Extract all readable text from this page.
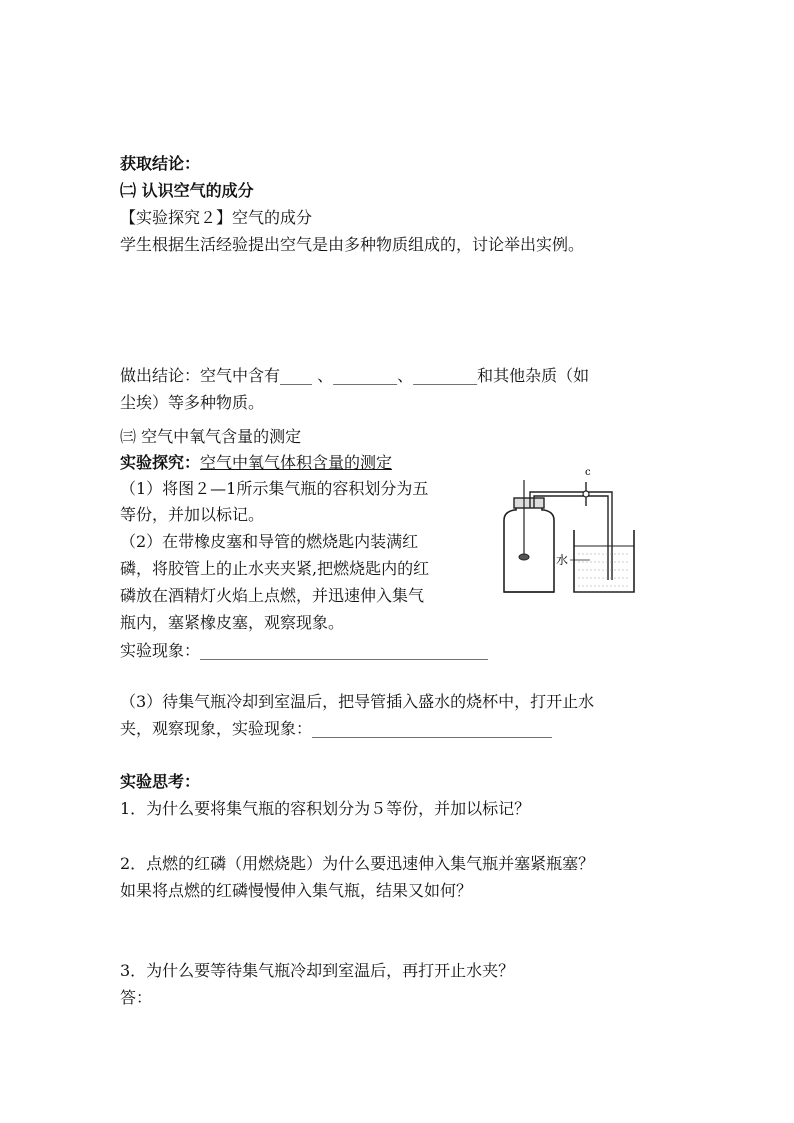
获取结论：
㈡ 认识空气的成分
【实验探究２】空气的成分
学生根据生活经验提出空气是由多种物质组成的，讨论举出实例。
做出结论：空气中含有____ 、________、________和其他杂质（如
尘埃）等多种物质。
㈢ 空气中氧气含量的测定
实验探究：空气中氧气体积含量的测定
（1）将图２—1所示集气瓶的容积划分为五
等份，并加以标记。
（2）在带橡皮塞和导管的燃烧匙内装满红
磷，将胶管上的止水夹夹紧,把燃烧匙内的红
磷放在酒精灯火焰上点燃，并迅速伸入集气
瓶内，塞紧橡皮塞，观察现象。
实验现象：____________________________________
（3）待集气瓶冷却到室温后，把导管插入盛水的烧杯中，打开止水
夹，观察现象，实验现象：______________________________
实验思考：
1．为什么要将集气瓶的容积划分为５等份，并加以标记？
2．点燃的红磷（用燃烧匙）为什么要迅速伸入集气瓶并塞紧瓶塞？
如果将点燃的红磷慢慢伸入集气瓶，结果又如何？
3．为什么要等待集气瓶冷却到室温后，再打开止水夹？
答：
c
水
